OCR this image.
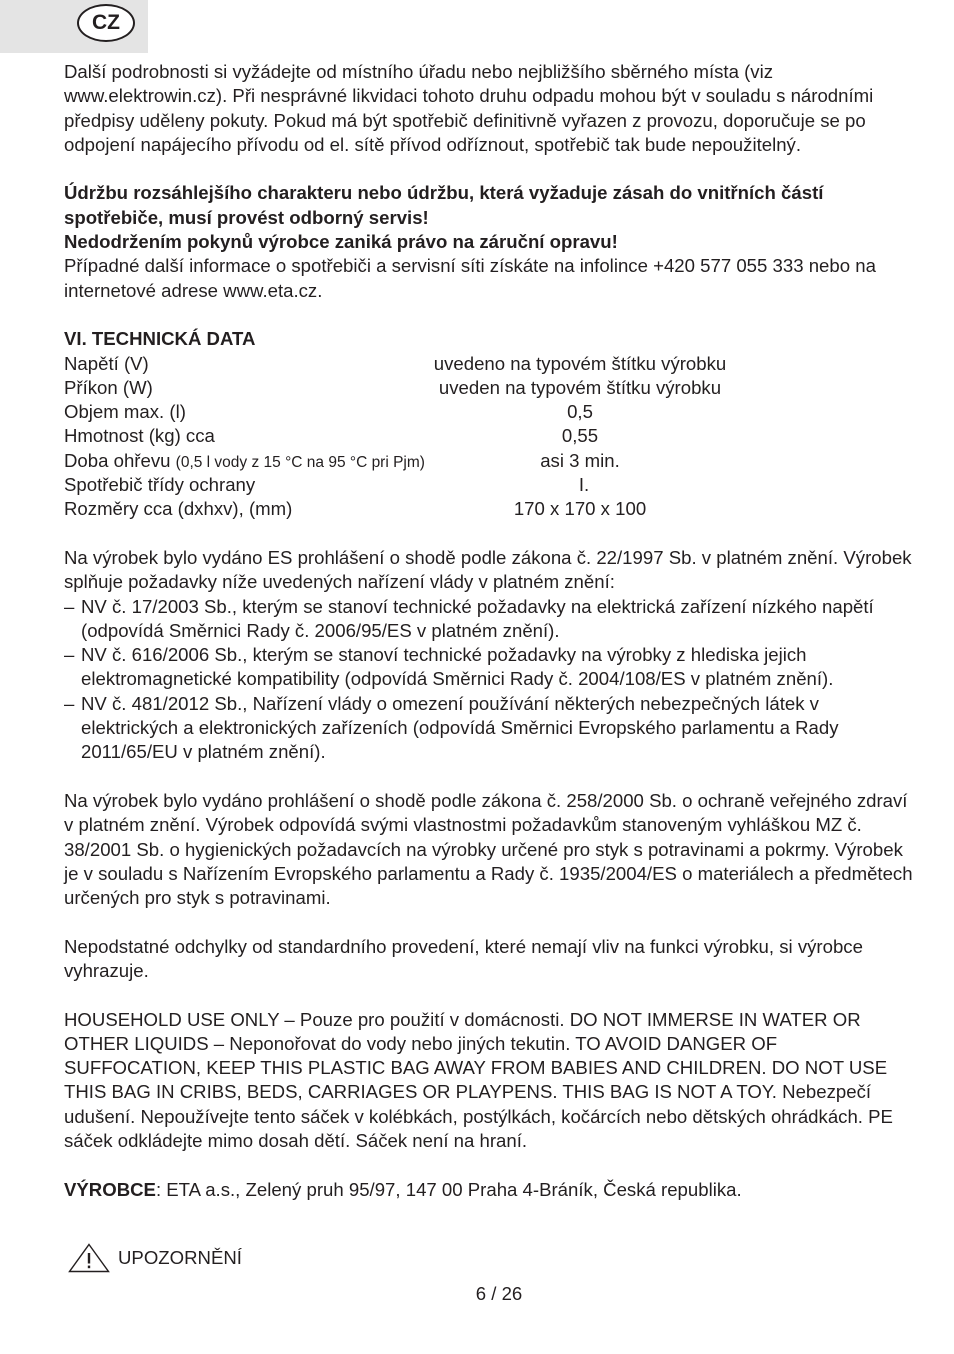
CZ

Další podrobnosti si vyžádejte od místního úřadu nebo nejbližšího sběrného místa (viz www.elektrowin.cz). Při nesprávné likvidaci tohoto druhu odpadu mohou být v souladu s národními předpisy uděleny pokuty. Pokud má být spotřebič definitivně vyřazen z provozu, doporučuje se po odpojení napájecího přívodu od el. sítě přívod odříznout, spotřebič tak bude nepoužitelný.

Údržbu rozsáhlejšího charakteru nebo údržbu, která vyžaduje zásah do vnitřních částí spotřebiče, musí provést odborný servis!

Nedodržením pokynů výrobce zaniká právo na záruční opravu!

Případné další informace o spotřebiči a servisní síti získáte na infolince +420 577 055 333 nebo na internetové adrese www.eta.cz.

VI. TECHNICKÁ DATA

Napětí (V)	uvedeno na typovém štítku výrobku
Příkon (W)	uveden na typovém štítku výrobku
Objem max. (l)	0,5
Hmotnost (kg) cca	0,55
Doba ohřevu (0,5 l vody z 15 °C na 95 °C pri Pjm)	asi 3 min.
Spotřebič třídy ochrany	I.
Rozměry cca (dxhxv), (mm)	170 x 170 x 100

Na výrobek bylo vydáno ES prohlášení o shodě podle zákona č. 22/1997 Sb. v platném znění. Výrobek splňuje požadavky níže uvedených nařízení vlády v platném znění:

– NV č. 17/2003 Sb., kterým se stanoví technické požadavky na elektrická zařízení nízkého napětí (odpovídá Směrnici Rady č. 2006/95/ES v platném znění).
– NV č. 616/2006 Sb., kterým se stanoví technické požadavky na výrobky z hlediska jejich elektromagnetické kompatibility (odpovídá Směrnici Rady č. 2004/108/ES v platném znění).
– NV č. 481/2012 Sb., Nařízení vlády o omezení používání některých nebezpečných látek v elektrických a elektronických zařízeních (odpovídá Směrnici Evropského parlamentu a Rady 2011/65/EU v platném znění).

Na výrobek bylo vydáno prohlášení o shodě podle zákona č. 258/2000 Sb. o ochraně veřejného zdraví v platném znění. Výrobek odpovídá svými vlastnostmi požadavkům stanoveným vyhláškou MZ č. 38/2001 Sb. o hygienických požadavcích na výrobky určené pro styk s potravinami a pokrmy. Výrobek je v souladu s Nařízením Evropského parlamentu a Rady č. 1935/2004/ES o materiálech a předmětech určených pro styk s potravinami.

Nepodstatné odchylky od standardního provedení, které nemají vliv na funkci výrobku, si výrobce vyhrazuje.

HOUSEHOLD USE ONLY – Pouze pro použití v domácnosti. DO NOT IMMERSE IN WATER OR OTHER LIQUIDS – Neponořovat do vody nebo jiných tekutin. TO AVOID DANGER OF SUFFOCATION, KEEP THIS PLASTIC BAG AWAY FROM BABIES AND CHILDREN. DO NOT USE THIS BAG IN CRIBS, BEDS, CARRIAGES OR PLAYPENS. THIS BAG IS NOT A TOY. Nebezpečí udušení. Nepoužívejte tento sáček v kolébkách, postýlkách, kočárcích nebo dětských ohrádkách. PE sáček odkládejte mimo dosah dětí. Sáček není na hraní.

VÝROBCE: ETA a.s., Zelený pruh 95/97, 147 00 Praha 4-Bráník, Česká republika.

UPOZORNĚNÍ
6 / 26
